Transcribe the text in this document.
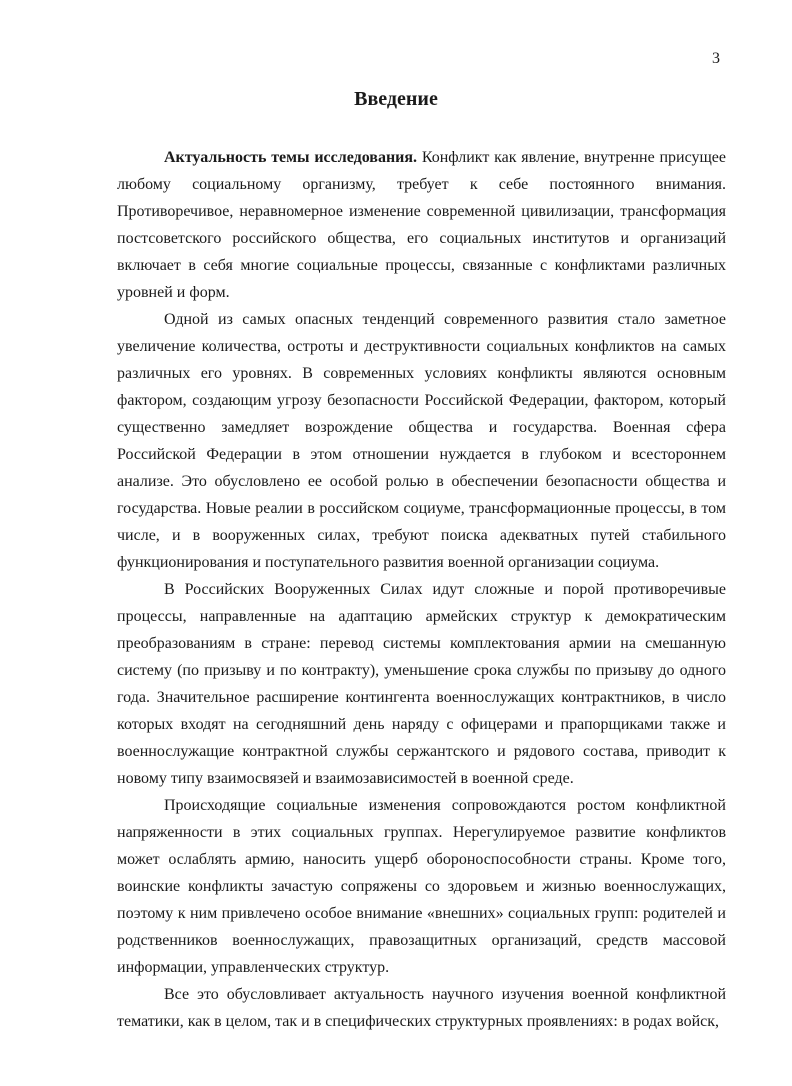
3
Введение

Актуальность темы исследования. Конфликт как явление, внутренне присущее любому социальному организму, требует к себе постоянного внимания. Противоречивое, неравномерное изменение современной цивилизации, трансформация постсоветского российского общества, его социальных институтов и организаций включает в себя многие социальные процессы, связанные с конфликтами различных уровней и форм.

Одной из самых опасных тенденций современного развития стало заметное увеличение количества, остроты и деструктивности социальных конфликтов на самых различных его уровнях. В современных условиях конфликты являются основным фактором, создающим угрозу безопасности Российской Федерации, фактором, который существенно замедляет возрождение общества и государства. Военная сфера Российской Федерации в этом отношении нуждается в глубоком и всестороннем анализе. Это обусловлено ее особой ролью в обеспечении безопасности общества и государства. Новые реалии в российском социуме, трансформационные процессы, в том числе, и в вооруженных силах, требуют поиска адекватных путей стабильного функционирования и поступательного развития военной организации социума.

В Российских Вооруженных Силах идут сложные и порой противоречивые процессы, направленные на адаптацию армейских структур к демократическим преобразованиям в стране: перевод системы комплектования армии на смешанную систему (по призыву и по контракту), уменьшение срока службы по призыву до одного года. Значительное расширение контингента военнослужащих контрактников, в число которых входят на сегодняшний день наряду с офицерами и прапорщиками также и военнослужащие контрактной службы сержантского и рядового состава, приводит к новому типу взаимосвязей и взаимозависимостей в военной среде.

Происходящие социальные изменения сопровождаются ростом конфликтной напряженности в этих социальных группах. Нерегулируемое развитие конфликтов может ослаблять армию, наносить ущерб обороноспособности страны. Кроме того, воинские конфликты зачастую сопряжены со здоровьем и жизнью военнослужащих, поэтому к ним привлечено особое внимание «внешних» социальных групп: родителей и родственников военнослужащих, правозащитных организаций, средств массовой информации, управленческих структур.

Все это обусловливает актуальность научного изучения военной конфликтной тематики, как в целом, так и в специфических структурных проявлениях: в родах войск,
